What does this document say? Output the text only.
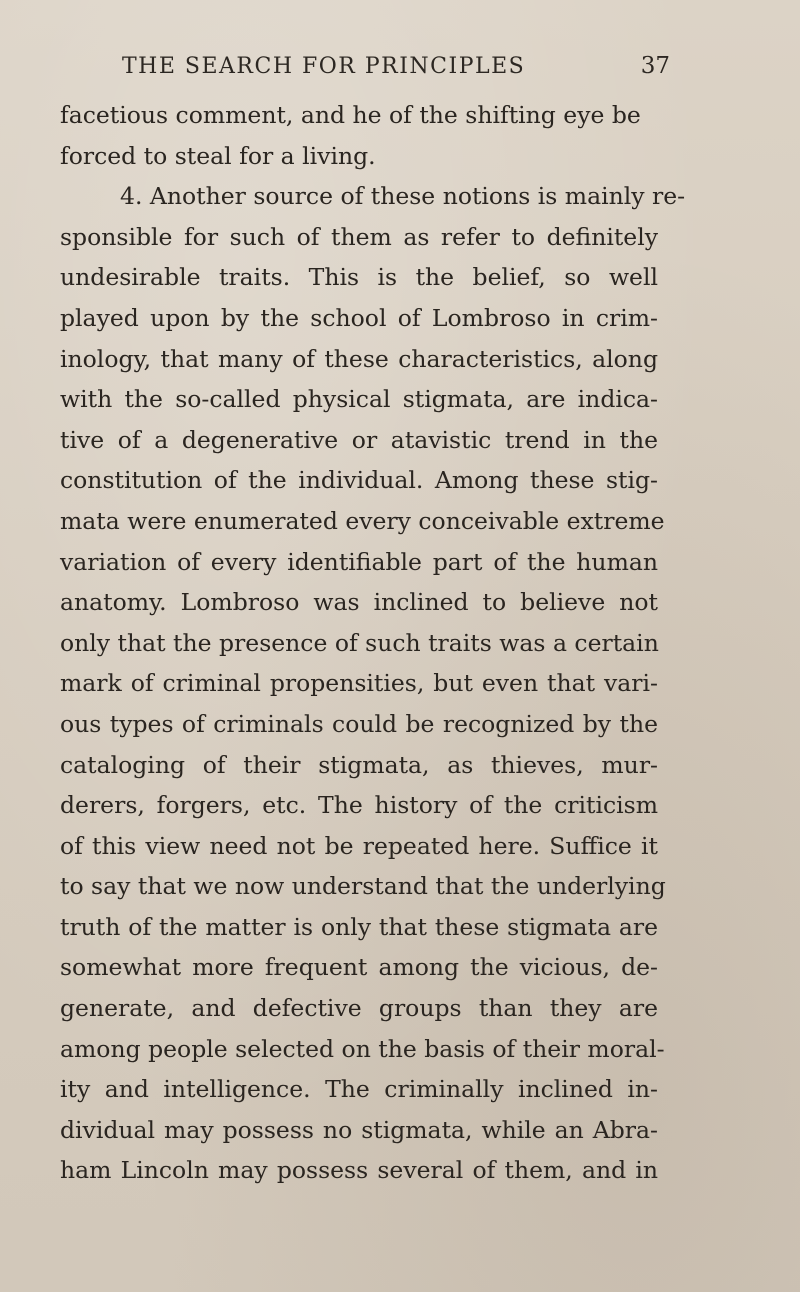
THE SEARCH FOR PRINCIPLES	37
facetious comment, and he of the shifting eye be
forced to steal for a living.
4. Another source of these notions is mainly re-
sponsible for such of them as refer to definitely
undesirable traits. This is the belief, so well
played upon by the school of Lombroso in crim-
inology, that many of these characteristics, along
with the so-called physical stigmata, are indica-
tive of a degenerative or atavistic trend in the
constitution of the individual. Among these stig-
mata were enumerated every conceivable extreme
variation of every identifiable part of the human
anatomy. Lombroso was inclined to believe not
only that the presence of such traits was a certain
mark of criminal propensities, but even that vari-
ous types of criminals could be recognized by the
cataloging of their stigmata, as thieves, mur-
derers, forgers, etc. The history of the criticism
of this view need not be repeated here. Suffice it
to say that we now understand that the underlying
truth of the matter is only that these stigmata are
somewhat more frequent among the vicious, de-
generate, and defective groups than they are
among people selected on the basis of their moral-
ity and intelligence. The criminally inclined in-
dividual may possess no stigmata, while an Abra-
ham Lincoln may possess several of them, and in
